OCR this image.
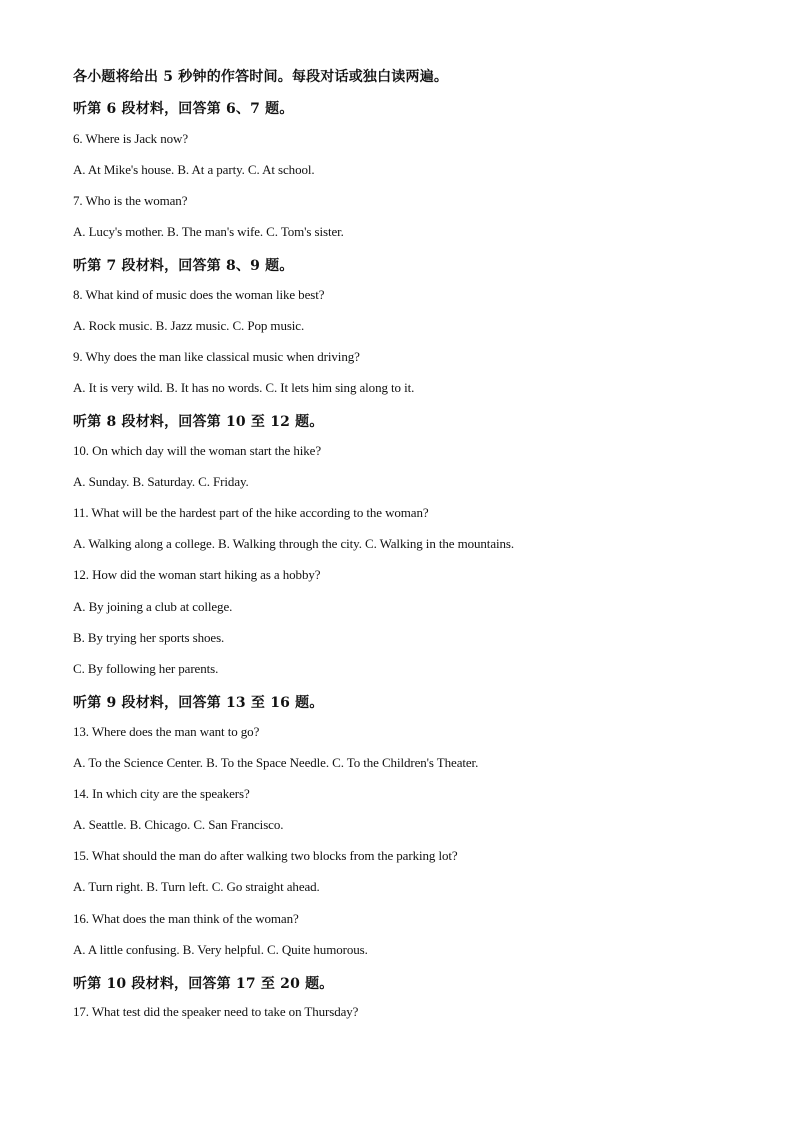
各小题将给出 5 秒钟的作答时间。每段对话或独白读两遍。
听第 6 段材料，回答第 6、7 题。
6. Where is Jack now?
A. At Mike's house. B. At a party. C. At school.
7. Who is the woman?
A. Lucy's mother. B. The man's wife. C. Tom's sister.
听第 7 段材料，回答第 8、9 题。
8. What kind of music does the woman like best?
A. Rock music. B. Jazz music. C. Pop music.
9. Why does the man like classical music when driving?
A. It is very wild. B. It has no words. C. It lets him sing along to it.
听第 8 段材料，回答第 10 至 12 题。
10. On which day will the woman start the hike?
A. Sunday. B. Saturday. C. Friday.
11. What will be the hardest part of the hike according to the woman?
A. Walking along a college. B. Walking through the city. C. Walking in the mountains.
12. How did the woman start hiking as a hobby?
A. By joining a club at college.
B. By trying her sports shoes.
C. By following her parents.
听第 9 段材料，回答第 13 至 16 题。
13. Where does the man want to go?
A. To the Science Center. B. To the Space Needle. C. To the Children's Theater.
14. In which city are the speakers?
A. Seattle. B. Chicago. C. San Francisco.
15. What should the man do after walking two blocks from the parking lot?
A. Turn right. B. Turn left. C. Go straight ahead.
16. What does the man think of the woman?
A. A little confusing. B. Very helpful. C. Quite humorous.
听第 10 段材料，回答第 17 至 20 题。
17. What test did the speaker need to take on Thursday?
